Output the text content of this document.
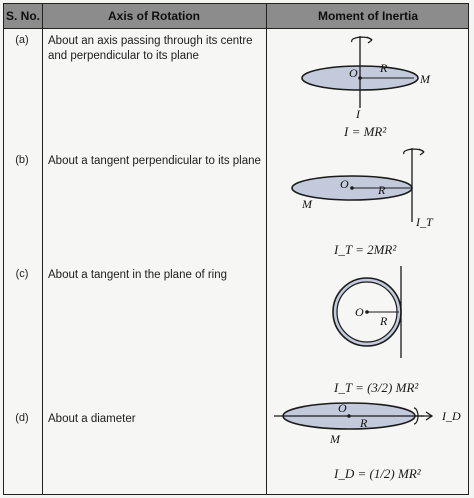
S. No.	Axis of Rotation	Moment of Inertia
(a)	About an axis passing through its centre and perpendicular to its plane
O R
M
I
I = MR²
(b)	About a tangent perpendicular to its plane
O R
M
I_T
I_T = 2MR²
(c)	About a tangent in the plane of ring
O
R
I_T = (3/2) MR²
(d)	About a diameter
O
R
M
I_D
I_D = (1/2) MR²
